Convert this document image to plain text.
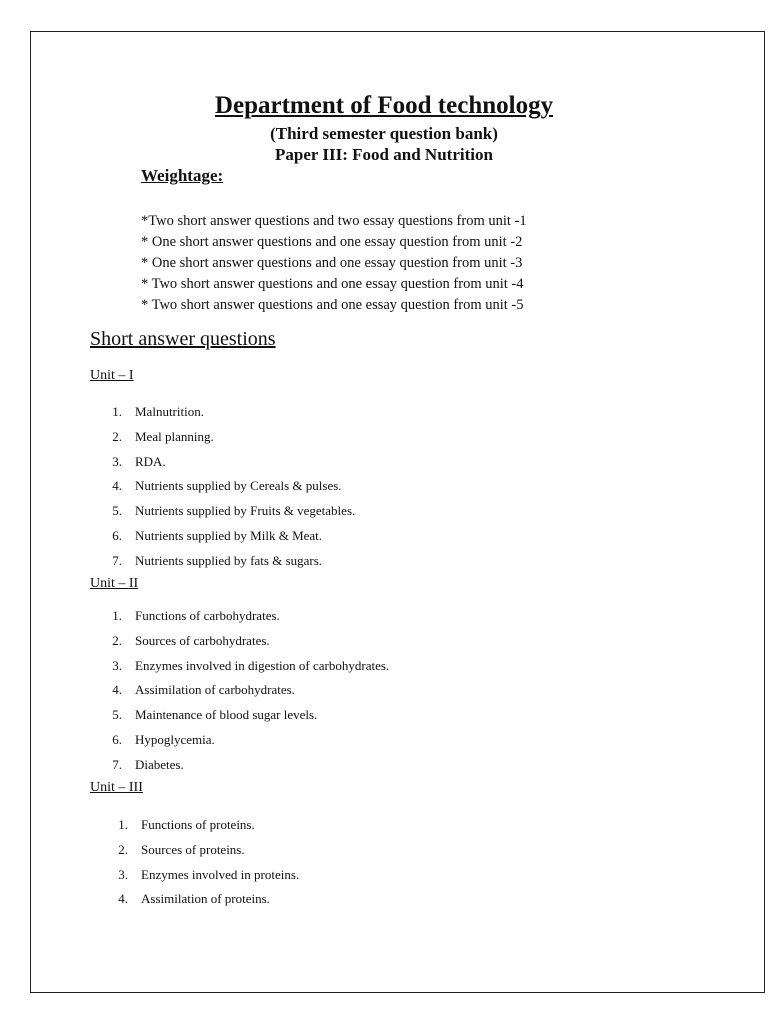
Department of Food technology
(Third semester question bank)
Paper III: Food and Nutrition
Weightage:
*Two short answer questions and two essay questions from unit -1
* One short answer questions and one essay question from unit -2
* One short answer questions and one essay question from unit -3
* Two short answer questions and one essay question from unit -4
* Two short answer questions and one essay question from unit -5
Short answer questions
Unit – I
1. Malnutrition.
2. Meal planning.
3. RDA.
4. Nutrients supplied by Cereals & pulses.
5. Nutrients supplied by Fruits & vegetables.
6. Nutrients supplied by Milk & Meat.
7. Nutrients supplied by fats & sugars.
Unit – II
1. Functions of carbohydrates.
2. Sources of carbohydrates.
3. Enzymes involved in digestion of carbohydrates.
4. Assimilation of carbohydrates.
5. Maintenance of blood sugar levels.
6. Hypoglycemia.
7. Diabetes.
Unit – III
1. Functions of proteins.
2. Sources of proteins.
3. Enzymes involved in proteins.
4. Assimilation of proteins.
